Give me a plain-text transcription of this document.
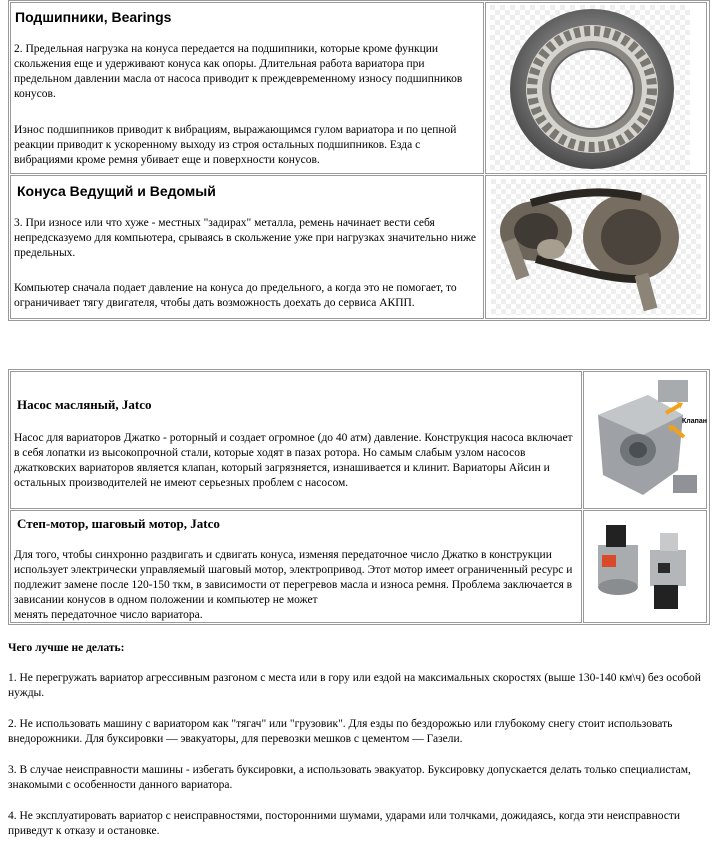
Подшипники, Bearings

2. Предельная нагрузка на конуса передается на подшипники, которые кроме функции скольжения еще и удерживают конуса как опоры. Длительная работа вариатора при предельном давлении масла от насоса приводит к преждевременному износу подшипников конусов.

Износ подшипников приводит к вибрациям, выражающимся гулом вариатора и по цепной реакции приводит к ускоренному выходу из строя остальных подшипников. Езда с вибрациями кроме ремня убивает еще и поверхности конусов.

Конуса Ведущий и Ведомый

3. При износе или что хуже - местных "задирах" металла, ремень начинает вести себя непредсказуемо для компьютера, срываясь в скольжение уже при нагрузках значительно ниже предельных.

Компьютер сначала подает давление на конуса до предельного, а когда это не помогает, то ограничивает тягу двигателя, чтобы дать возможность доехать до сервиса АКПП.

Насос масляный, Jatco

Насос для вариаторов Джатко - роторный и создает огромное (до 40 атм) давление. Конструкция насоса включает в себя лопатки из высокопрочной стали, которые ходят в пазах ротора. Но самым слабым узлом насосов джатковских вариаторов является клапан, который загрязняется, изнашивается и клинит. Вариаторы Айсин и остальных производителей не имеют серьезных проблем с насосом.

Клапан
Степ-мотор, шаговый мотор, Jatco

Для того, чтобы синхронно раздвигать и сдвигать конуса, изменяя передаточное число Джатко в конструкции использует электрически управляемый шаговый мотор, электропривод. Этот мотор имеет ограниченный ресурс и подлежит замене после 120-150 ткм, в зависимости от перегревов масла и износа ремня. Проблема заключается в зависании конусов в одном положении и компьютер не может

менять передаточное число вариатора.

Чего лучше не делать:

1. Не перегружать вариатор агрессивным разгоном с места или в гору или ездой на максимальных скоростях (выше 130-140 км\ч) без особой нужды.

2. Не использовать машину с вариатором как "тягач" или "грузовик". Для езды по бездорожью или глубокому снегу стоит использовать внедорожники. Для буксировки — эвакуаторы, для перевозки мешков с цементом — Газели.

3. В случае неисправности машины - избегать буксировки, а использовать эвакуатор. Буксировку допускается делать только специалистам, знакомыми с особенности данного вариатора.

4. Не эксплуатировать вариатор с неисправностями, посторонними шумами, ударами или толчками, дожидаясь, когда эти неисправности приведут к отказу и остановке.
